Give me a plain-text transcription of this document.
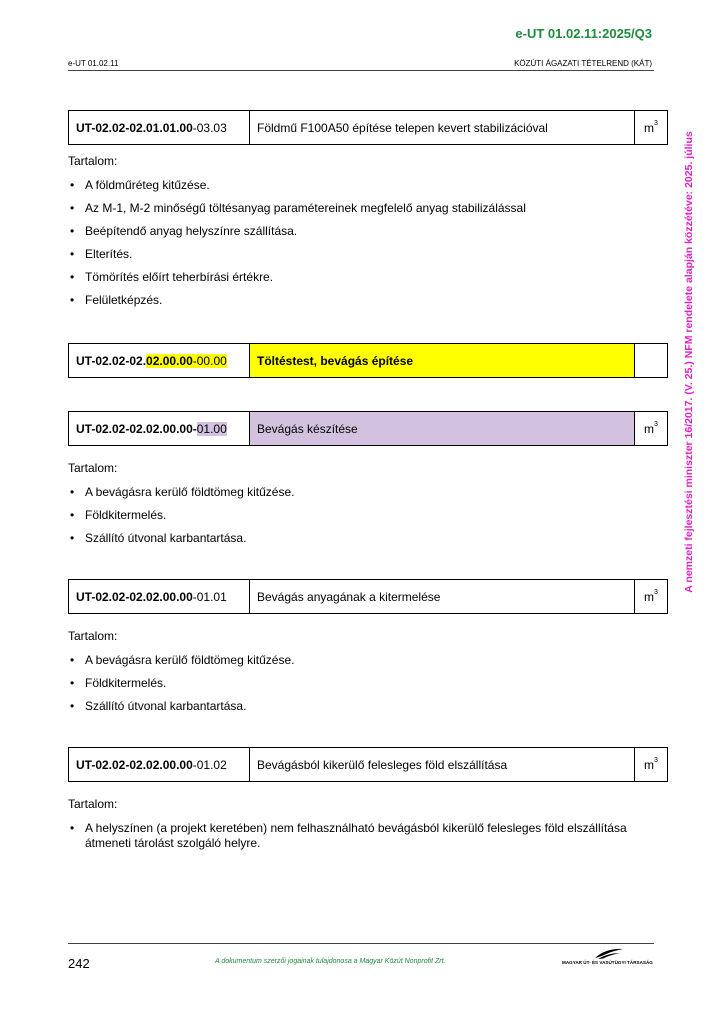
e-UT 01.02.11:2025/Q3
e-UT 01.02.11	KÖZÚTI ÁGAZATI TÉTELREND (KÁT)
A nemzeti fejlesztési miniszter 16/2017. (V. 25.) NFM rendelete alapján közzétéve: 2025. július
UT-02.02-02.01.01.00 -03.03	Földmű F100A50 építése telepen kevert stabilizációval	$m^3$
Tartalom:
• A földműréteg kitűzése.
• Az M-1, M-2 minőségű töltésanyag paramétereinek megfelelő anyag stabilizálással
• Beépítendő anyag helyszínre szállítása.
• Elterítés.
• Tömörítés előírt teherbírási értékre.
• Felületképzés.
UT-02.02-02.02.00.00 -00.00	Töltéstest, bevágás építése
UT-02.02-02.02.00.00- 01.00	Bevágás készítése	$m^3$
Tartalom:
• A bevágásra kerülő földtömeg kitűzése.
• Földkitermelés.
• Szállító útvonal karbantartása.
UT-02.02-02.02.00.00 -01.01	Bevágás anyagának a kitermelése	$m^3$
Tartalom:
• A bevágásra kerülő földtömeg kitűzése.
• Földkitermelés.
• Szállító útvonal karbantartása.
UT-02.02-02.02.00.00 -01.02	Bevágásból kikerülő felesleges föld elszállítása	$m^3$
Tartalom:
• A helyszínen (a projekt keretében) nem felhasználható bevágásból kikerülő felesleges föld elszállítása átmeneti tárolást szolgáló helyre.
242	A dokumentum szerzői jogainak tulajdonosa a Magyar Közút Nonprofit Zrt.	MAGYAR ÚT- ÉS VASÚTÜGYI TÁRSASÁG
